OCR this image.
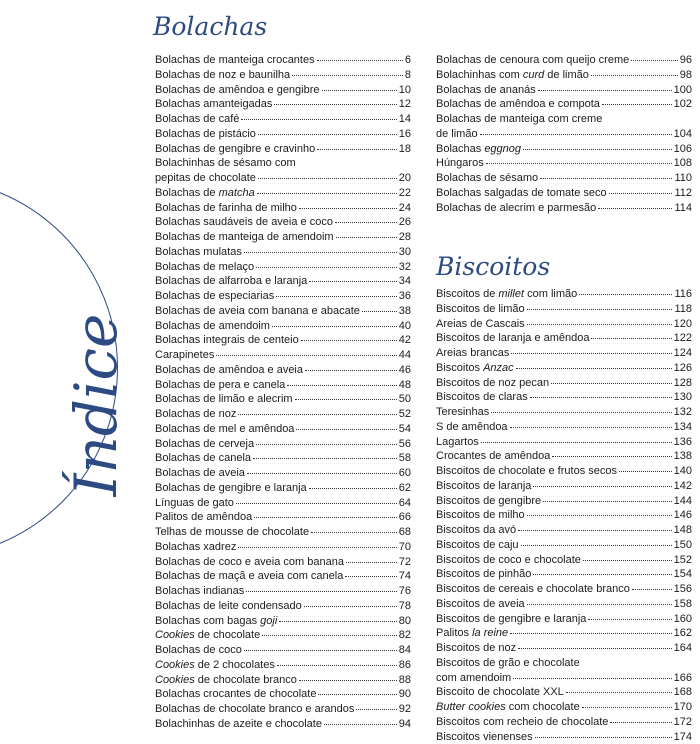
Índice
Bolachas
Biscoitos
Bolachas de manteiga crocantes	6
Bolachas de noz e baunilha	8
Bolachas de amêndoa e gengibre	10
Bolachas amanteigadas	12
Bolachas de café	14
Bolachas de pistácio	16
Bolachas de gengibre e cravinho	18
Bolachinhas de sésamo com
pepitas de chocolate	20
Bolachas de matcha	22
Bolachas de farinha de milho	24
Bolachas saudáveis de aveia e coco	26
Bolachas de manteiga de amendoim	28
Bolachas mulatas	30
Bolachas de melaço	32
Bolachas de alfarroba e laranja	34
Bolachas de especiarias	36
Bolachas de aveia com banana e abacate	38
Bolachas de amendoim	40
Bolachas integrais de centeio	42
Carapinetes	44
Bolachas de amêndoa e aveia	46
Bolachas de pera e canela	48
Bolachas de limão e alecrim	50
Bolachas de noz	52
Bolachas de mel e amêndoa	54
Bolachas de cerveja	56
Bolachas de canela	58
Bolachas de aveia	60
Bolachas de gengibre e laranja	62
Línguas de gato	64
Palitos de amêndoa	66
Telhas de mousse de chocolate	68
Bolachas xadrez	70
Bolachas de coco e aveia com banana	72
Bolachas de maçã e aveia com canela	74
Bolachas indianas	76
Bolachas de leite condensado	78
Bolachas com bagas goji	80
Cookies de chocolate	82
Bolachas de coco	84
Cookies de 2 chocolates	86
Cookies de chocolate branco	88
Bolachas crocantes de chocolate	90
Bolachas de chocolate branco e arandos	92
Bolachinhas de azeite e chocolate	94
Bolachas de cenoura com queijo creme	96
Bolachinhas com curd de limão	98
Bolachas de ananás	100
Bolachas de amêndoa e compota	102
Bolachas de manteiga com creme
de limão	104
Bolachas eggnog	106
Húngaros	108
Bolachas de sésamo	110
Bolachas salgadas de tomate seco	112
Bolachas de alecrim e parmesão	114
Biscoitos de millet com limão	116
Biscoitos de limão	118
Areias de Cascais	120
Biscoitos de laranja e amêndoa	122
Areias brancas	124
Biscoitos Anzac	126
Biscoitos de noz pecan	128
Biscoitos de claras	130
Teresinhas	132
S de amêndoa	134
Lagartos	136
Crocantes de amêndoa	138
Biscoitos de chocolate e frutos secos	140
Biscoitos de laranja	142
Biscoitos de gengibre	144
Biscoitos de milho	146
Biscoitos da avó	148
Biscoitos de caju	150
Biscoitos de coco e chocolate	152
Biscoitos de pinhão	154
Biscoitos de cereais e chocolate branco	156
Biscoitos de aveia	158
Biscoitos de gengibre e laranja	160
Palitos la reine	162
Biscoitos de noz	164
Biscoitos de grão e chocolate
com amendoim	166
Biscoito de chocolate XXL	168
Butter cookies com chocolate	170
Biscoitos com recheio de chocolate	172
Biscoitos vienenses	174
